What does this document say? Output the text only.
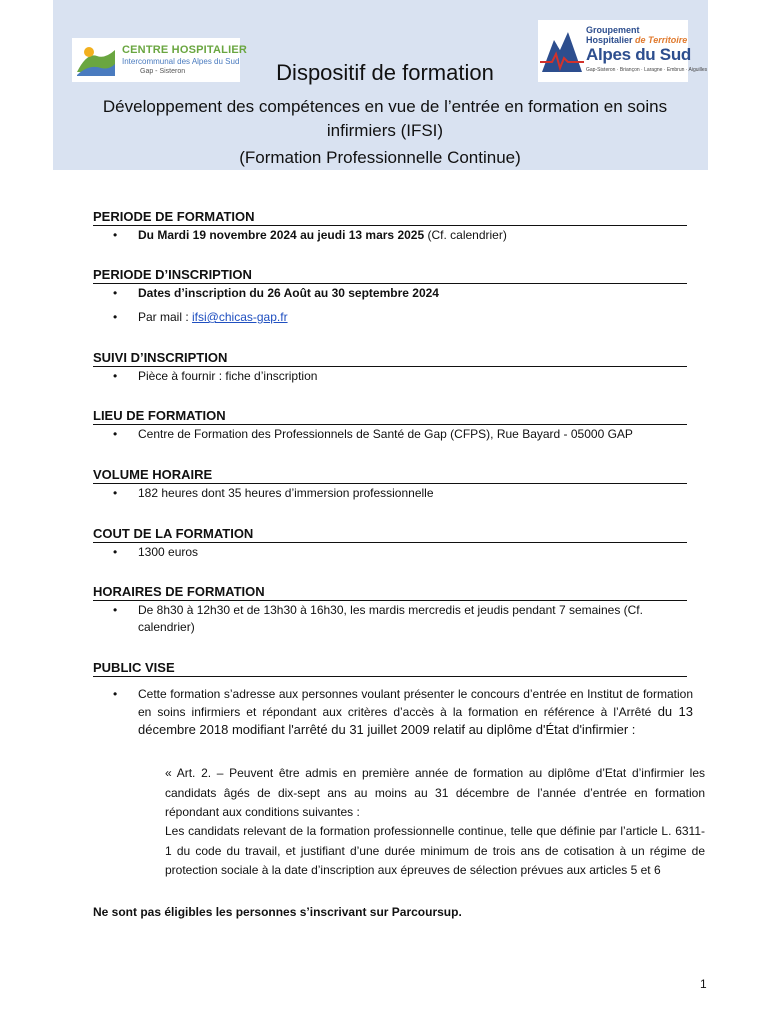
CENTRE HOSPITALIER
Intercommunal des Alpes du Sud
Gap - Sisteron
Groupement
Hospitalier de Territoire
Alpes du Sud
Gap-Sisteron · Briançon · Laragne · Embrun · Aiguilles
Dispositif de formation
Développement des compétences en vue de l’entrée en formation en soins infirmiers (IFSI)
(Formation Professionnelle Continue)
PERIODE DE FORMATION
• Du Mardi 19 novembre 2024 au jeudi 13 mars 2025 (Cf. calendrier)
PERIODE D’INSCRIPTION
• Dates d’inscription du 26 Août au 30 septembre 2024
• Par mail : ifsi@chicas-gap.fr
SUIVI D’INSCRIPTION
• Pièce à fournir : fiche d’inscription
LIEU DE FORMATION
• Centre de Formation des Professionnels de Santé de Gap (CFPS), Rue Bayard - 05000 GAP
VOLUME HORAIRE
• 182 heures dont 35 heures d’immersion professionnelle
COUT DE LA FORMATION
• 1300 euros
HORAIRES DE FORMATION
• De 8h30 à 12h30 et de 13h30 à 16h30, les mardis mercredis et jeudis pendant 7 semaines (Cf. calendrier)
PUBLIC VISE
• Cette formation s’adresse aux personnes voulant présenter le concours d’entrée en Institut de formation en soins infirmiers et répondant aux critères d’accès à la formation en référence à l’Arrêté du 13 décembre 2018 modifiant l'arrêté du 31 juillet 2009 relatif au diplôme d'État d'infirmier :
« Art. 2. – Peuvent être admis en première année de formation au diplôme d’Etat d’infirmier les candidats âgés de dix-sept ans au moins au 31 décembre de l’année d’entrée en formation répondant aux conditions suivantes :
Les candidats relevant de la formation professionnelle continue, telle que définie par l’article L. 6311-1 du code du travail, et justifiant d’une durée minimum de trois ans de cotisation à un régime de protection sociale à la date d’inscription aux épreuves de sélection prévues aux articles 5 et 6
Ne sont pas éligibles les personnes s’inscrivant sur Parcoursup.
1
